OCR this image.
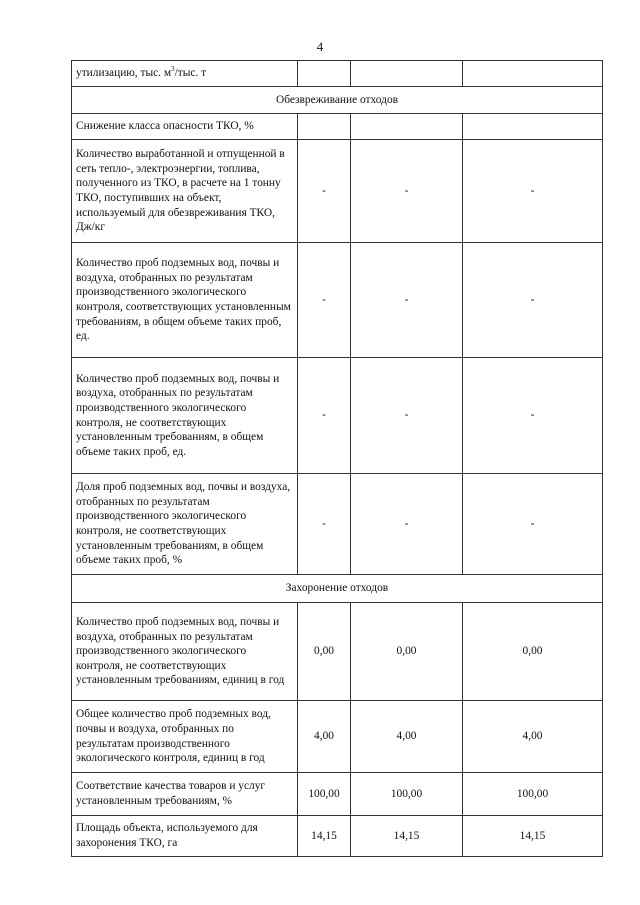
4
утилизацию, тыс. $м^3$/тыс. т			
Обезвреживание отходов			
Снижение класса опасности ТКО, %			
Количество выработанной и отпущенной в сеть тепло-, электроэнергии, топлива, полученного из ТКО, в расчете на 1 тонну ТКО, поступивших на объект, используемый для обезвреживания ТКО, Дж/кг	-	-	-
Количество проб подземных вод, почвы и воздуха, отобранных по результатам производственного экологического контроля, соответствующих установленным требованиям, в общем объеме таких проб, ед.	-	-	-
Количество проб подземных вод, почвы и воздуха, отобранных по результатам производственного экологического контроля, не соответствующих установленным требованиям, в общем объеме таких проб, ед.	-	-	-
Доля проб подземных вод, почвы и воздуха, отобранных по результатам производственного экологического контроля, не соответствующих установленным требованиям, в общем объеме таких проб, %	-	-	-
Захоронение отходов			
Количество проб подземных вод, почвы и воздуха, отобранных по результатам производственного экологического контроля, не соответствующих установленным требованиям, единиц в год	0,00	0,00	0,00
Общее количество проб подземных вод, почвы и воздуха, отобранных по результатам производственного экологического контроля, единиц в год	4,00	4,00	4,00
Соответствие качества товаров и услуг установленным требованиям, %	100,00	100,00	100,00
Площадь объекта, используемого для захоронения ТКО, га	14,15	14,15	14,15
